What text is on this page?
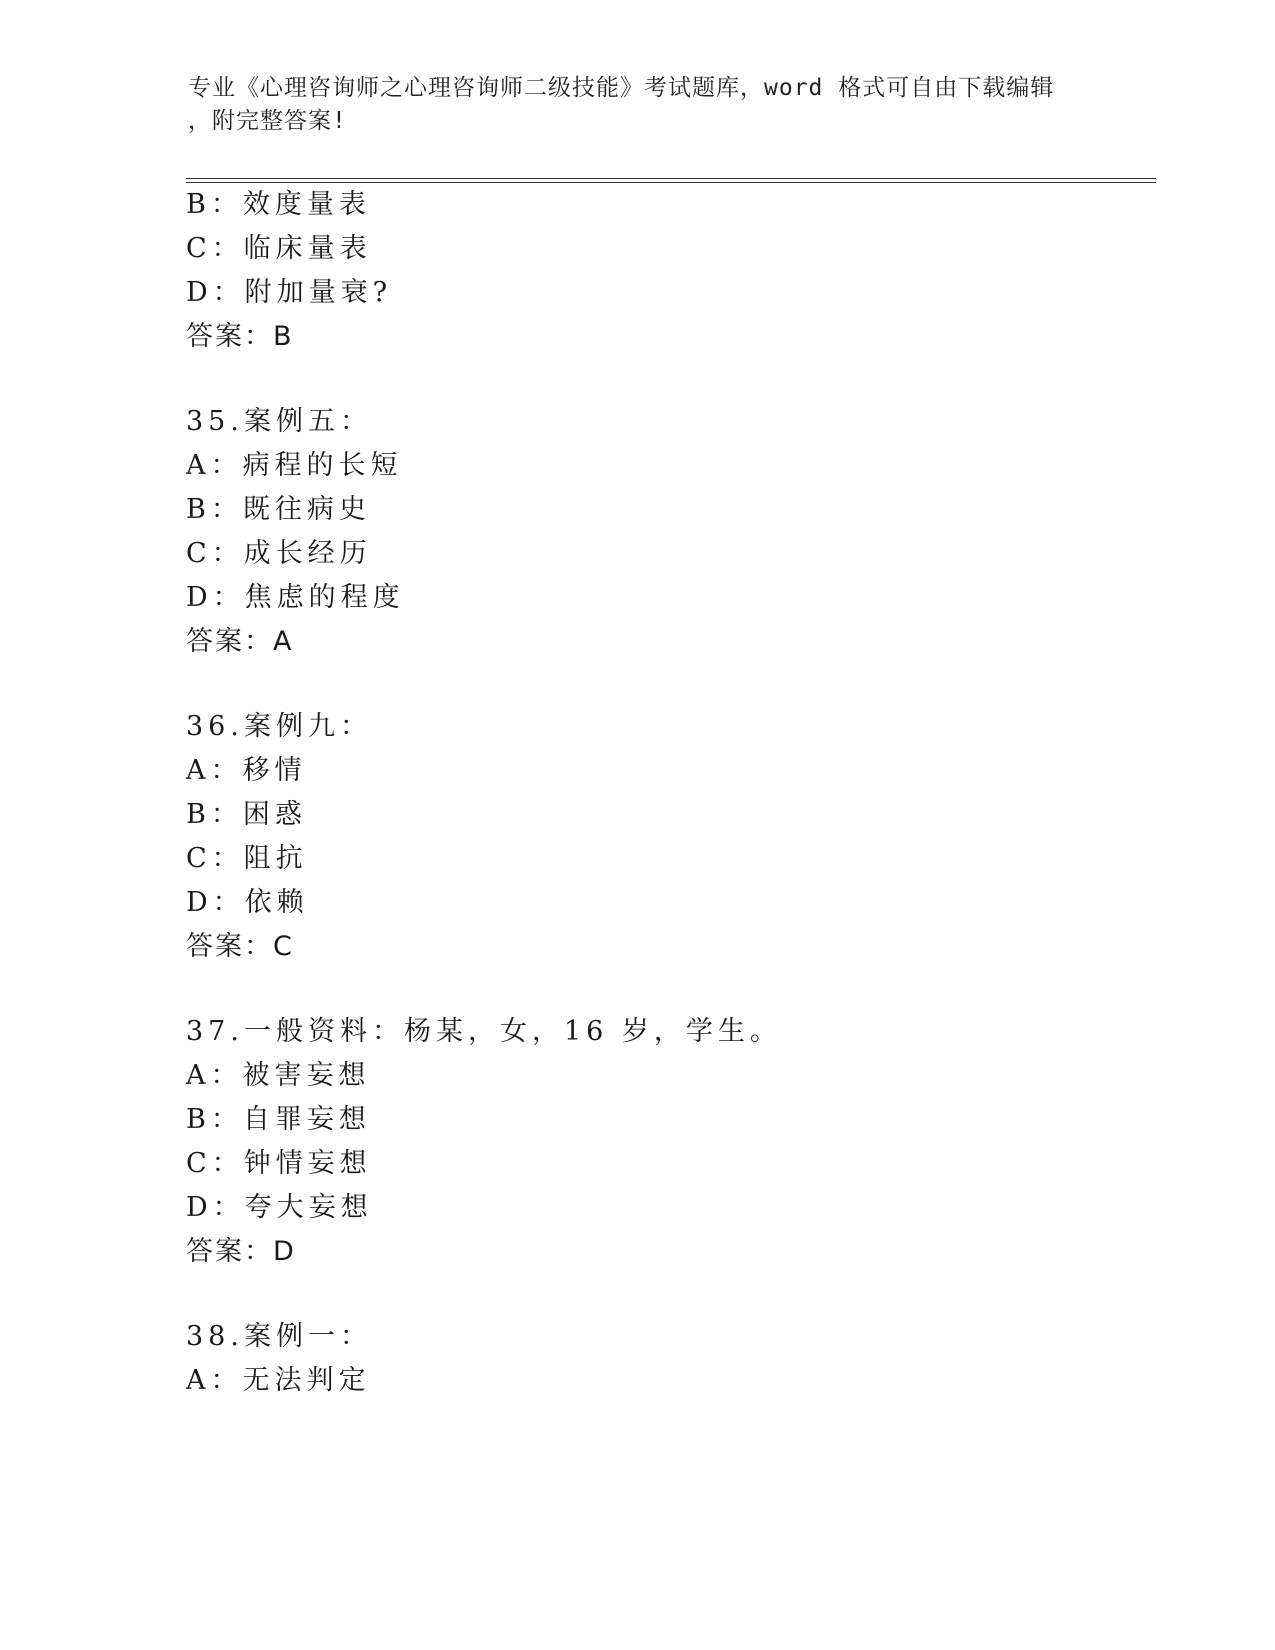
专业《心理咨询师之心理咨询师二级技能》考试题库，word 格式可自由下载编辑
，附完整答案!
B：效度量表
C：临床量表
D：附加量衰?
答案：B
35.案例五：
A：病程的长短
B：既往病史
C：成长经历
D：焦虑的程度
答案：A
36.案例九：
A：移情
B：困惑
C：阻抗
D：依赖
答案：C
37.一般资料：杨某，女，16 岁，学生。
A：被害妄想
B：自罪妄想
C：钟情妄想
D：夸大妄想
答案：D
38.案例一：
A：无法判定
